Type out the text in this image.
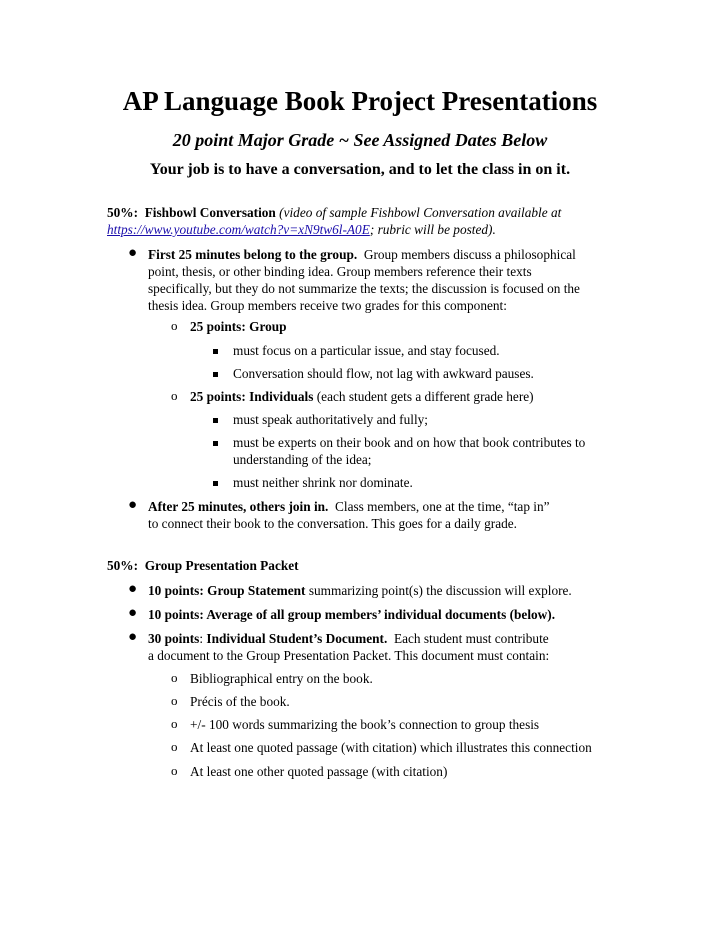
AP Language Book Project Presentations
20 point Major Grade ~ See Assigned Dates Below
Your job is to have a conversation, and to let the class in on it.
50%: Fishbowl Conversation (video of sample Fishbowl Conversation available at
https://www.youtube.com/watch?v=xN9tw6l-A0E; rubric will be posted).
● First 25 minutes belong to the group. Group members discuss a philosophical
point, thesis, or other binding idea. Group members reference their texts
specifically, but they do not summarize the texts; the discussion is focused on the
thesis idea. Group members receive two grades for this component:
o 25 points: Group
must focus on a particular issue, and stay focused.
Conversation should flow, not lag with awkward pauses.
o 25 points: Individuals (each student gets a different grade here)
must speak authoritatively and fully;
must be experts on their book and on how that book contributes to
understanding of the idea;
must neither shrink nor dominate.
● After 25 minutes, others join in. Class members, one at the time, “tap in”
to connect their book to the conversation. This goes for a daily grade.
50%: Group Presentation Packet
● 10 points: Group Statement summarizing point(s) the discussion will explore.
● 10 points: Average of all group members’ individual documents (below).
● 30 points: Individual Student’s Document. Each student must contribute
a document to the Group Presentation Packet. This document must contain:
o Bibliographical entry on the book.
o Précis of the book.
o +/- 100 words summarizing the book’s connection to group thesis
o At least one quoted passage (with citation) which illustrates this connection
o At least one other quoted passage (with citation)
